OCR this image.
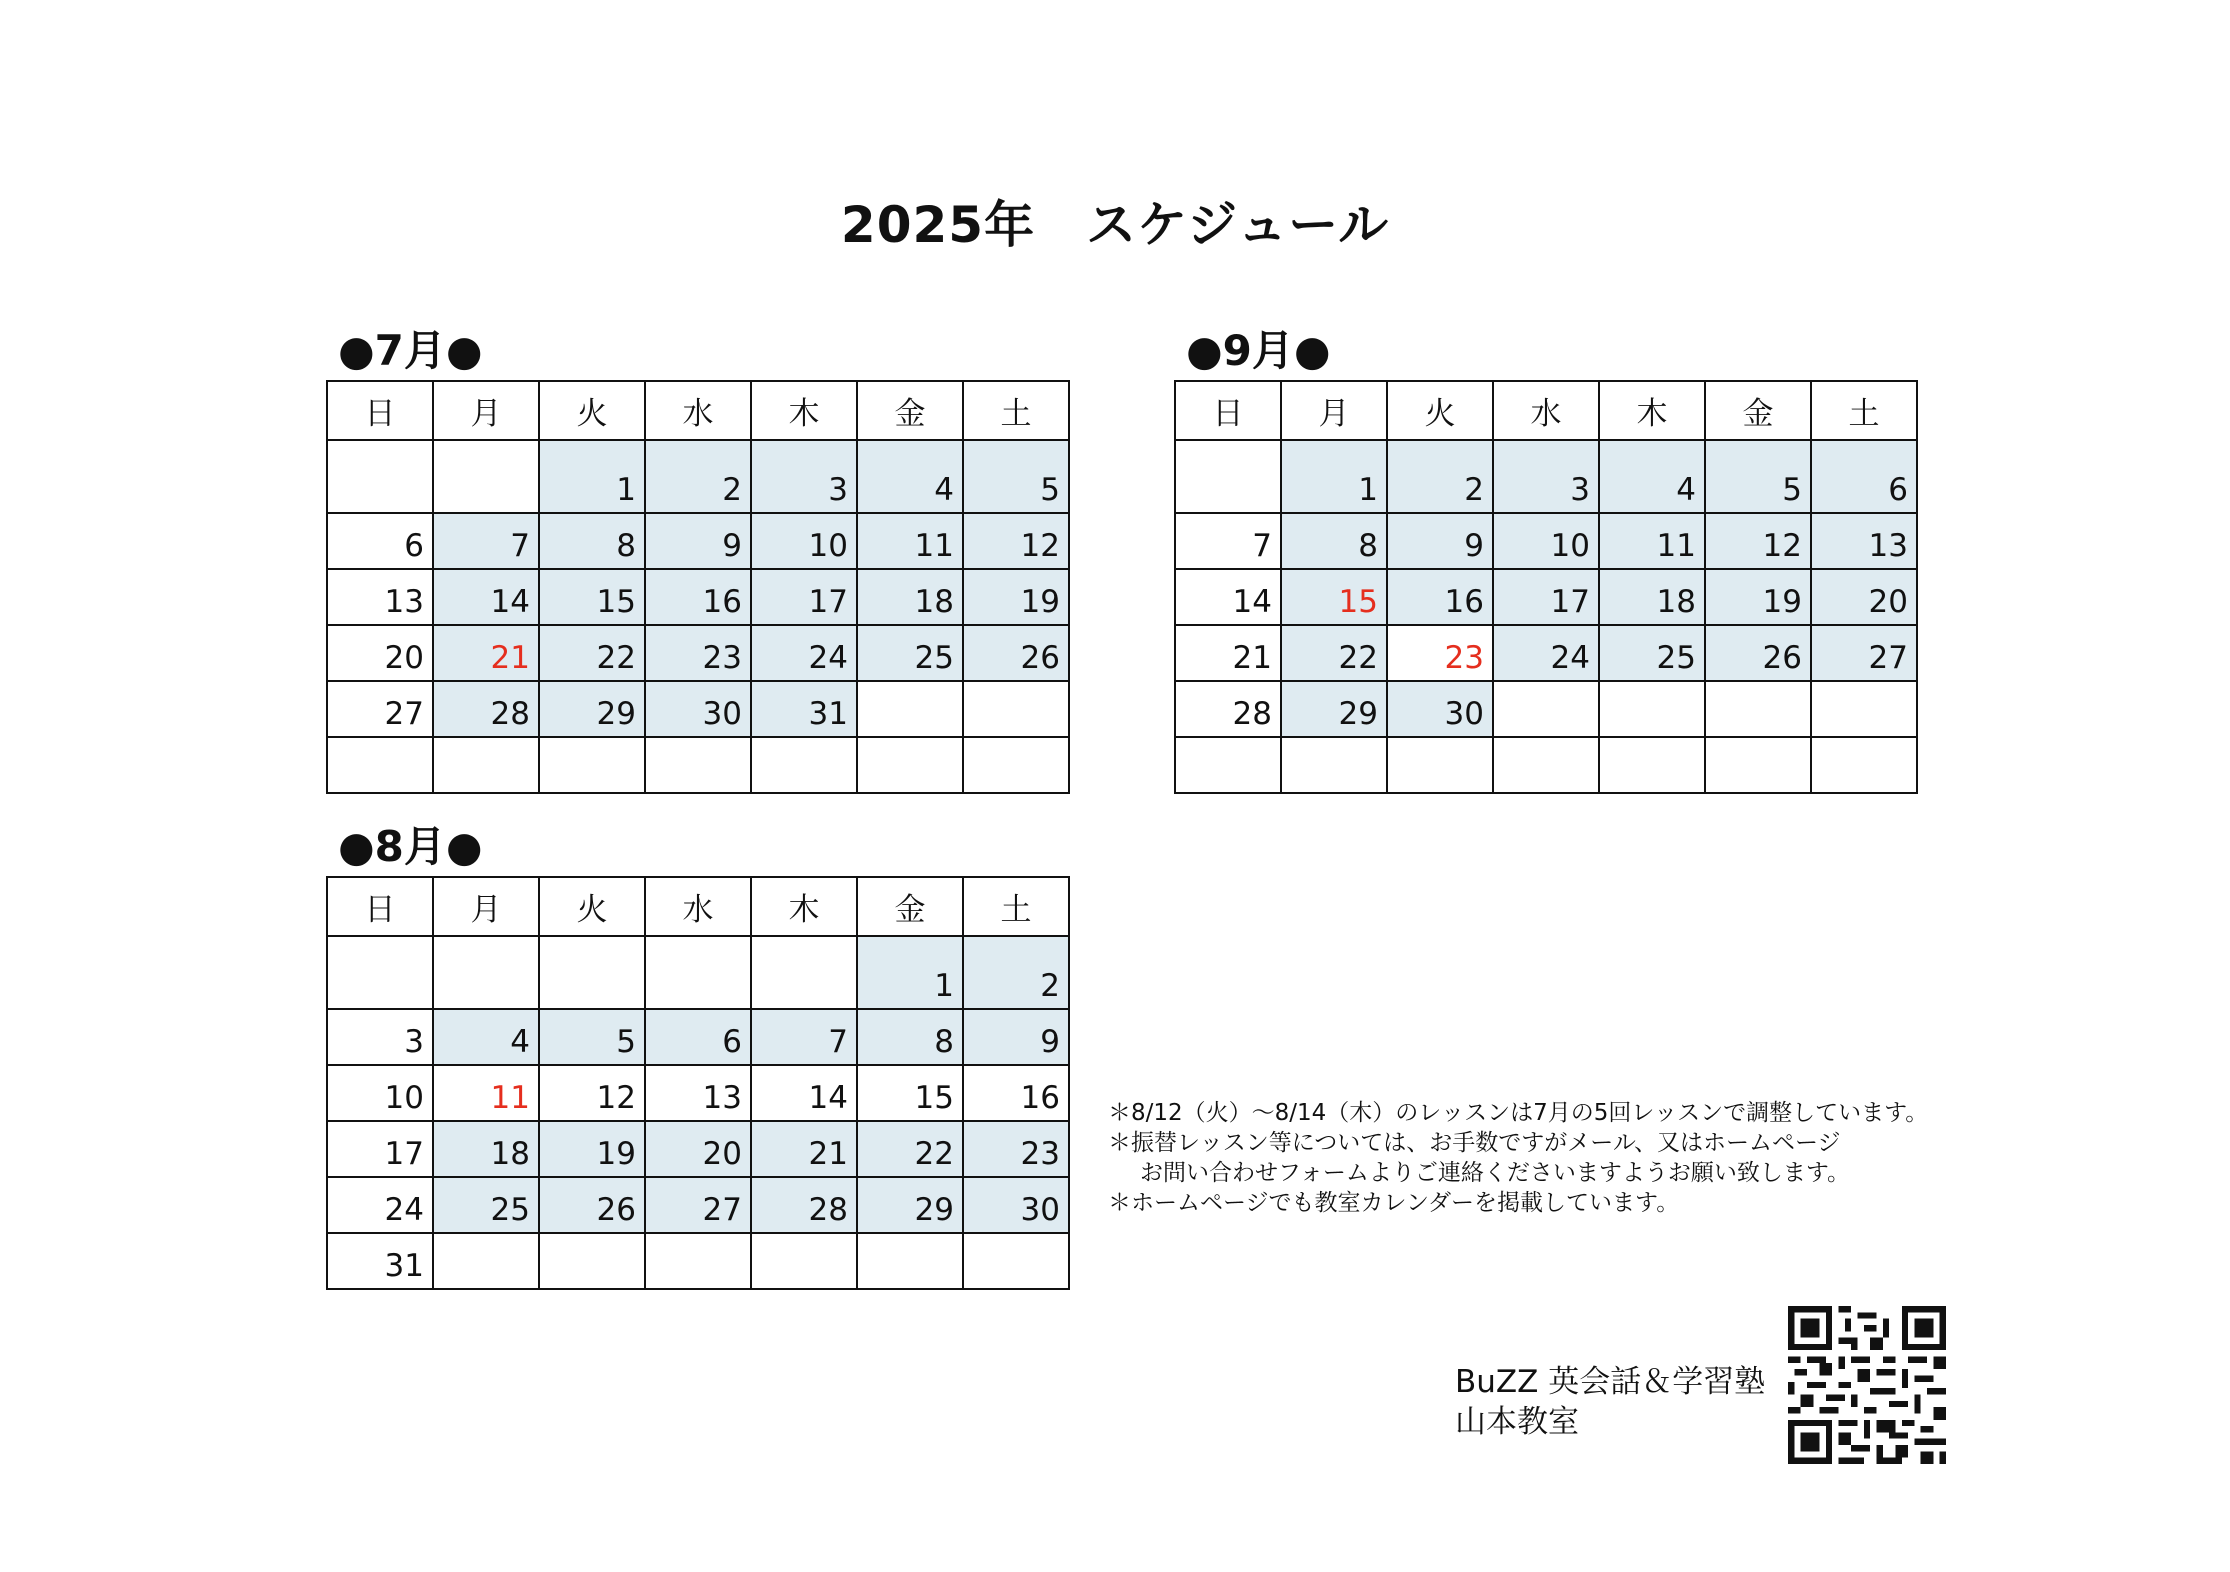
2025年　スケジュール
●7月●
日	月	火	水	木	金	土
		1	2	3	4	5
6	7	8	9	10	11	12
13	14	15	16	17	18	19
20	21	22	23	24	25	26
27	28	29	30	31		

●9月●
日	月	火	水	木	金	土
	1	2	3	4	5	6
7	8	9	10	11	12	13
14	15	16	17	18	19	20
21	22	23	24	25	26	27
28	29	30				

●8月●
日	月	火	水	木	金	土
					1	2
3	4	5	6	7	8	9
10	11	12	13	14	15	16
17	18	19	20	21	22	23
24	25	26	27	28	29	30
31						

＊8/12（火）～8/14（木）のレッスンは7月の5回レッスンで調整しています。

＊振替レッスン等については、お手数ですがメール、又はホームページ

お問い合わせフォームよりご連絡くださいますようお願い致します。

＊ホームページでも教室カレンダーを掲載しています。

BuZZ 英会話＆学習塾
山本教室
